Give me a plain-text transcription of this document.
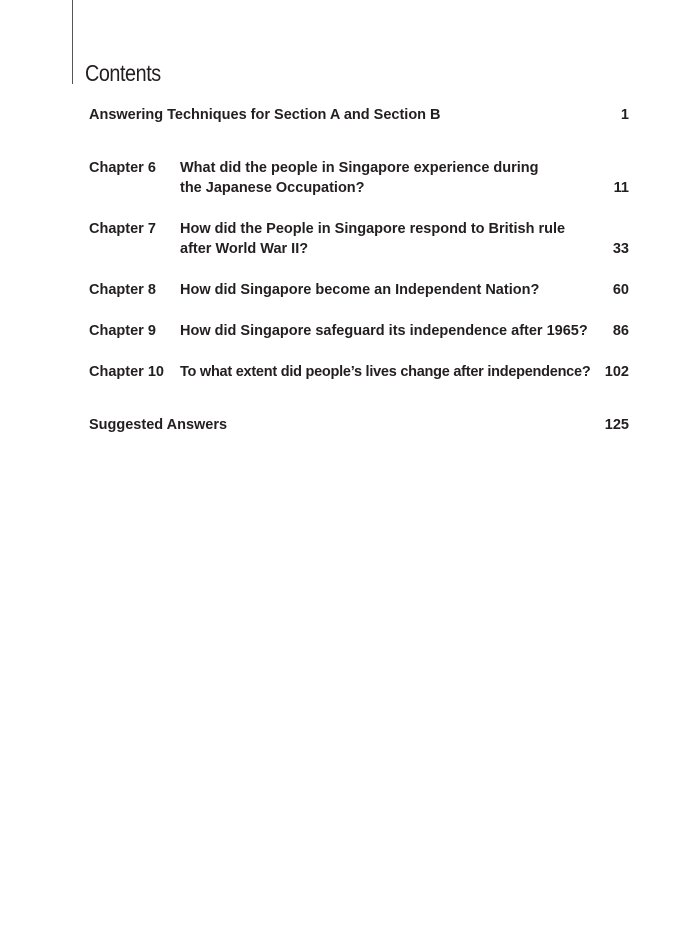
Contents
Answering Techniques for Section A and Section B	1
Chapter 6 What did the people in Singapore experience during
the Japanese Occupation?	11
Chapter 7 How did the People in Singapore respond to British rule
after World War II?	33
Chapter 8 How did Singapore become an Independent Nation?	60
Chapter 9 How did Singapore safeguard its independence after 1965?	86
Chapter 10 To what extent did people’s lives change after independence? 102
Suggested Answers	125
